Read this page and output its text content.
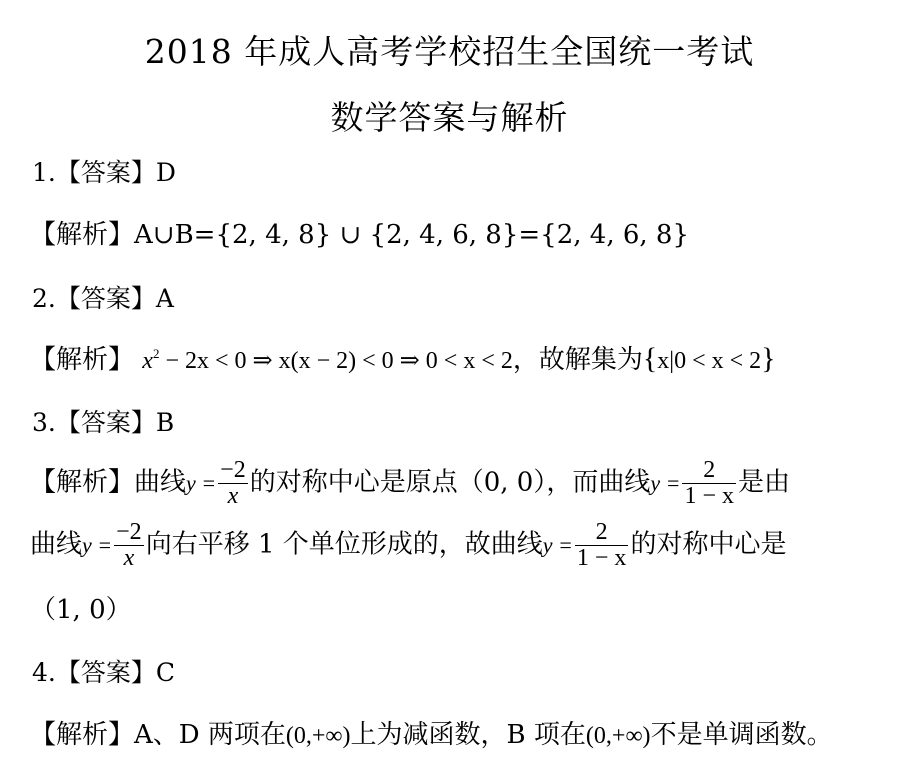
2018 年成人高考学校招生全国统一考试
数学答案与解析
1.【答案】D
【解析】A∪B={2, 4, 8} ∪ {2, 4, 6, 8}={2, 4, 6, 8}
2.【答案】A
【解析】 $x^2 - 2x < 0$ ⇒ x(x − 2) < 0 ⇒ 0 < x < 2，故解集为{x|0 < x < 2}
3.【答案】B
【解析】曲线$y = \frac{-2}{x}$ 的对称中心是原点（0, 0），而曲线$y = \frac{2}{1 - x}$ 是由
曲线$y = \frac{-2}{x}$ 向右平移 1 个单位形成的，故曲线$y = \frac{2}{1 - x}$ 的对称中心是
（1, 0）
4.【答案】C
【解析】A、D 两项在(0,+∞)上为减函数，B 项在(0,+∞)不是单调函数。
